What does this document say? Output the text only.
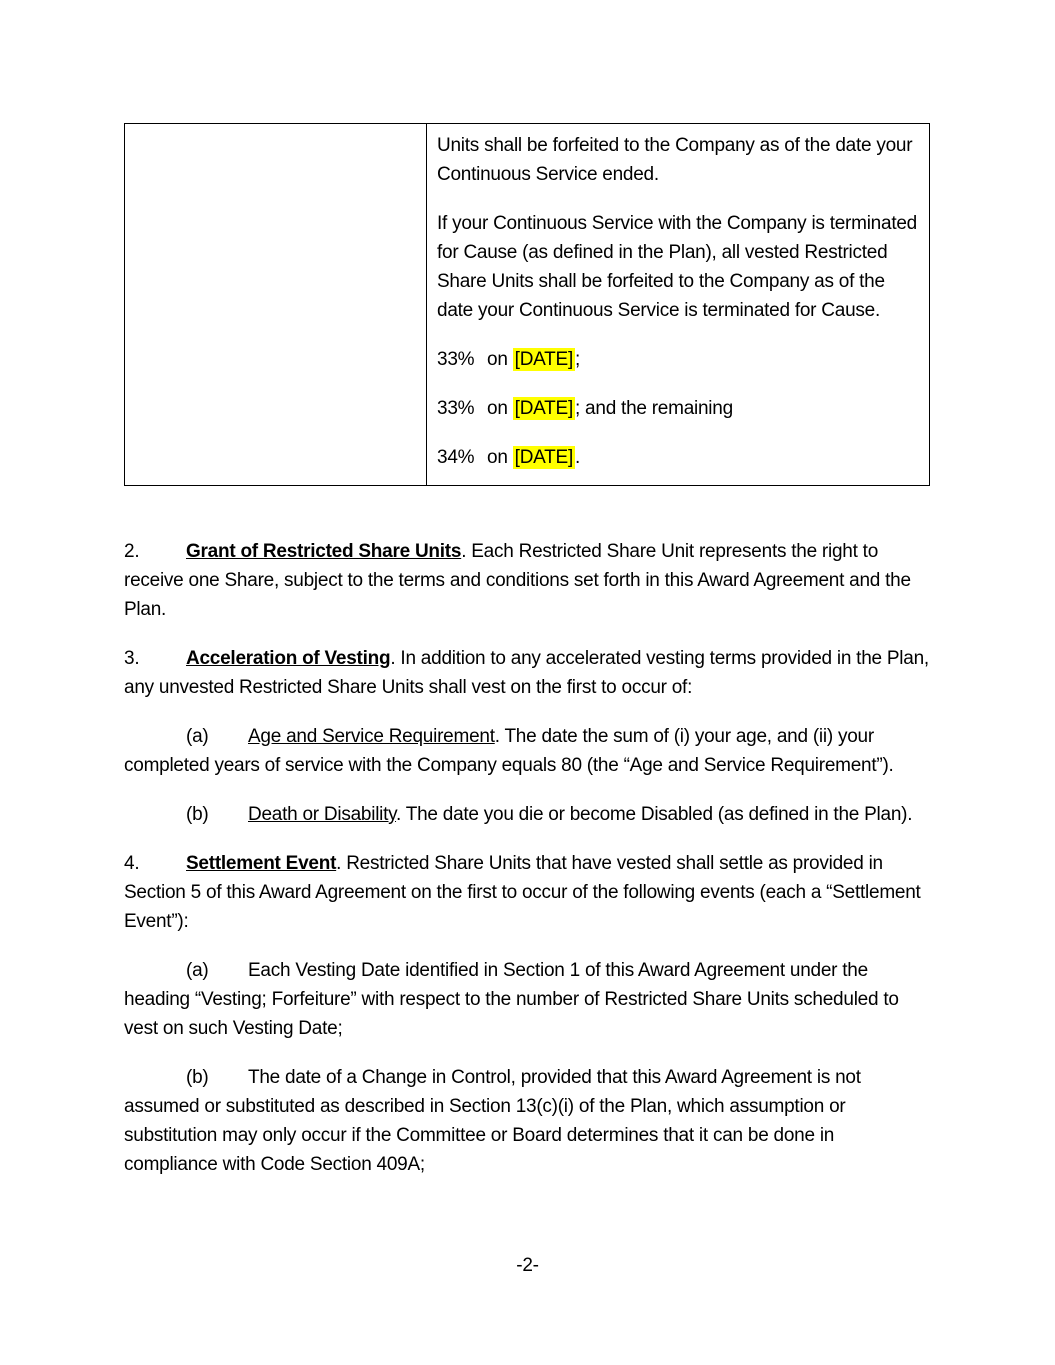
Units shall be forfeited to the Company as of the date your Continuous Service ended.
If your Continuous Service with the Company is terminated for Cause (as defined in the Plan), all vested Restricted Share Units shall be forfeited to the Company as of the date your Continuous Service is terminated for Cause.
33% on [DATE] ;
33% on [DATE] ; and the remaining
34% on [DATE] .
2. Grant of Restricted Share Units. Each Restricted Share Unit represents the right to receive one Share, subject to the terms and conditions set forth in this Award Agreement and the Plan.
3. Acceleration of Vesting. In addition to any accelerated vesting terms provided in the Plan, any unvested Restricted Share Units shall vest on the first to occur of:
(a) Age and Service Requirement. The date the sum of (i) your age, and (ii) your completed years of service with the Company equals 80 (the “Age and Service Requirement”).
(b) Death or Disability. The date you die or become Disabled (as defined in the Plan).
4. Settlement Event. Restricted Share Units that have vested shall settle as provided in Section 5 of this Award Agreement on the first to occur of the following events (each a “Settlement Event”):
(a) Each Vesting Date identified in Section 1 of this Award Agreement under the heading “Vesting; Forfeiture” with respect to the number of Restricted Share Units scheduled to vest on such Vesting Date;
(b) The date of a Change in Control, provided that this Award Agreement is not assumed or substituted as described in Section 13(c)(i) of the Plan, which assumption or substitution may only occur if the Committee or Board determines that it can be done in compliance with Code Section 409A;
-2-
